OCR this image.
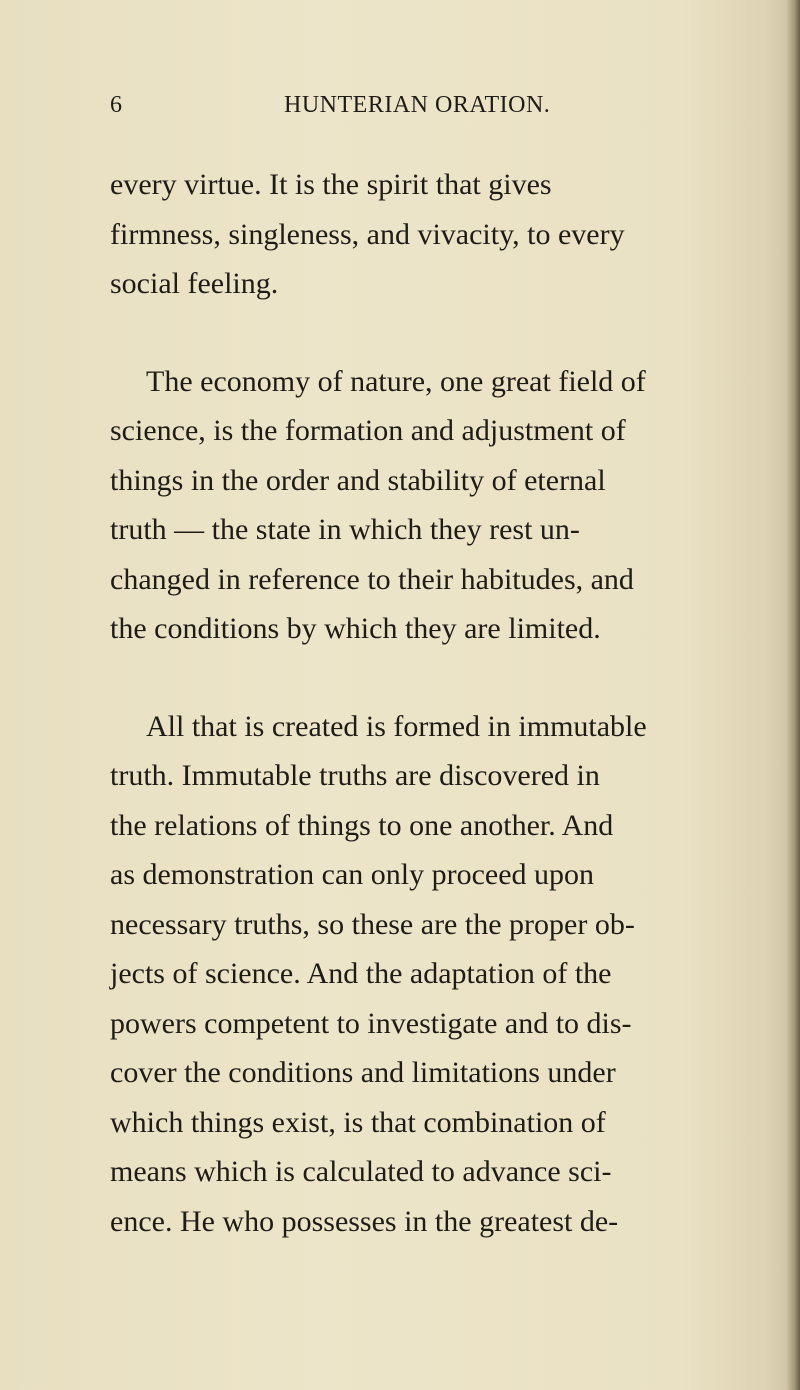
6	HUNTERIAN ORATION.
every virtue. It is the spirit that gives
firmness, singleness, and vivacity, to every
social feeling.
The economy of nature, one great field of
science, is the formation and adjustment of
things in the order and stability of eternal
truth — the state in which they rest un-
changed in reference to their habitudes, and
the conditions by which they are limited.
All that is created is formed in immutable
truth. Immutable truths are discovered in
the relations of things to one another. And
as demonstration can only proceed upon
necessary truths, so these are the proper ob-
jects of science. And the adaptation of the
powers competent to investigate and to dis-
cover the conditions and limitations under
which things exist, is that combination of
means which is calculated to advance sci-
ence. He who possesses in the greatest de-
